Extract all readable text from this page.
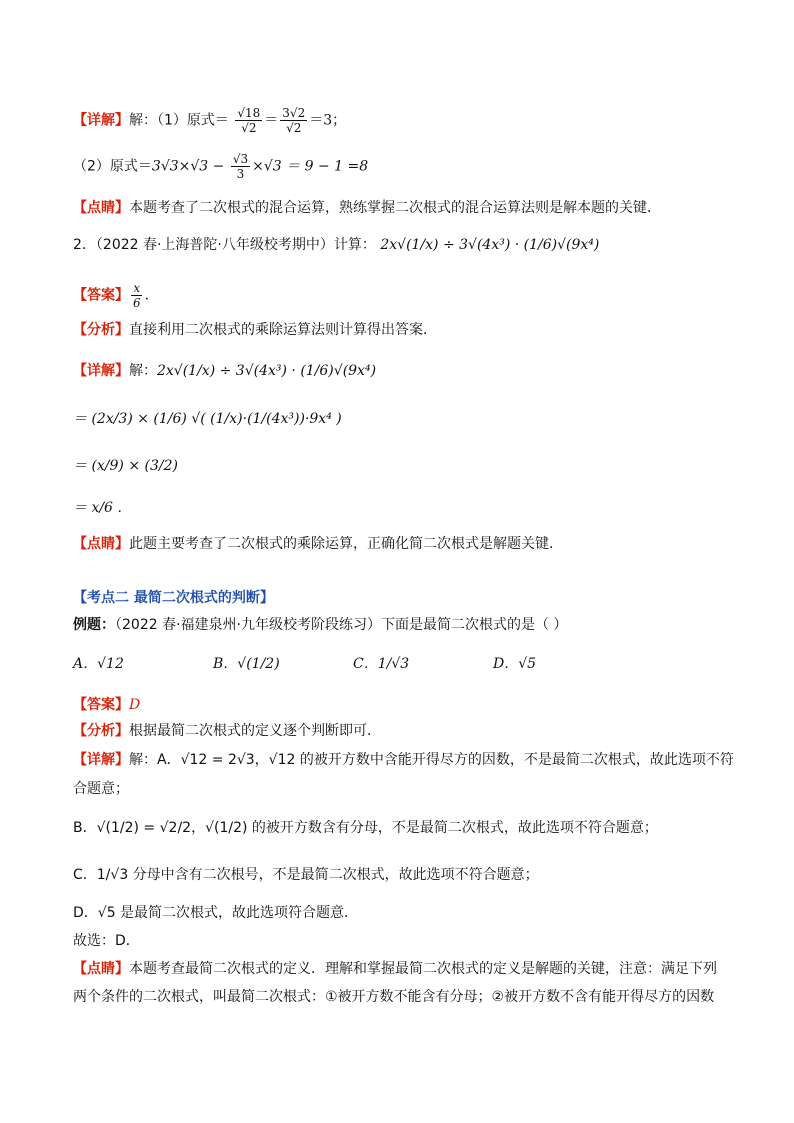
【详解】解：（1）原式＝ $\frac{√18}{√2} = \frac{3√2}{√2} =3$；
（2）原式$=3√3\times√3 - \frac{√3}{3} \times√3 = 9 - 1 =8$
【点睛】本题考查了二次根式的混合运算，熟练掌握二次根式的混合运算法则是解本题的关键．
2．（2022 春·上海普陀·八年级校考期中）计算： 2x√(1/x) ÷ 3√(4x³) · (1/6)√(9x⁴)
【答案】 $\frac{x}{6}$ ．
【分析】直接利用二次根式的乘除运算法则计算得出答案．
【详解】解：2x√(1/x) ÷ 3√(4x³) · (1/6)√(9x⁴)
＝ (2x/3) × (1/6) √( (1/x)·(1/(4x³))·9x⁴ )
＝ (x/9) × (3/2)
＝ x/6 ．
【点睛】此题主要考查了二次根式的乘除运算，正确化简二次根式是解题关键．
【考点二 最简二次根式的判断】
例题：（2022 春·福建泉州·九年级校考阶段练习）下面是最简二次根式的是（ ）
A．√12	B．√(1/2)	C．1/√3	D．√5
【答案】D
【分析】根据最简二次根式的定义逐个判断即可．
【详解】解：A．√12 = 2√3，√12 的被开方数中含能开得尽方的因数，不是最简二次根式，故此选项不符
合题意；
B．√(1/2) = √2/2，√(1/2) 的被开方数含有分母，不是最简二次根式，故此选项不符合题意；
C．1/√3 分母中含有二次根号，不是最简二次根式，故此选项不符合题意；
D．√5 是最简二次根式，故此选项符合题意．
故选：D．
【点睛】本题考查最简二次根式的定义．理解和掌握最简二次根式的定义是解题的关键，注意：满足下列
两个条件的二次根式，叫最简二次根式：①被开方数不能含有分母；②被开方数不含有能开得尽方的因数
